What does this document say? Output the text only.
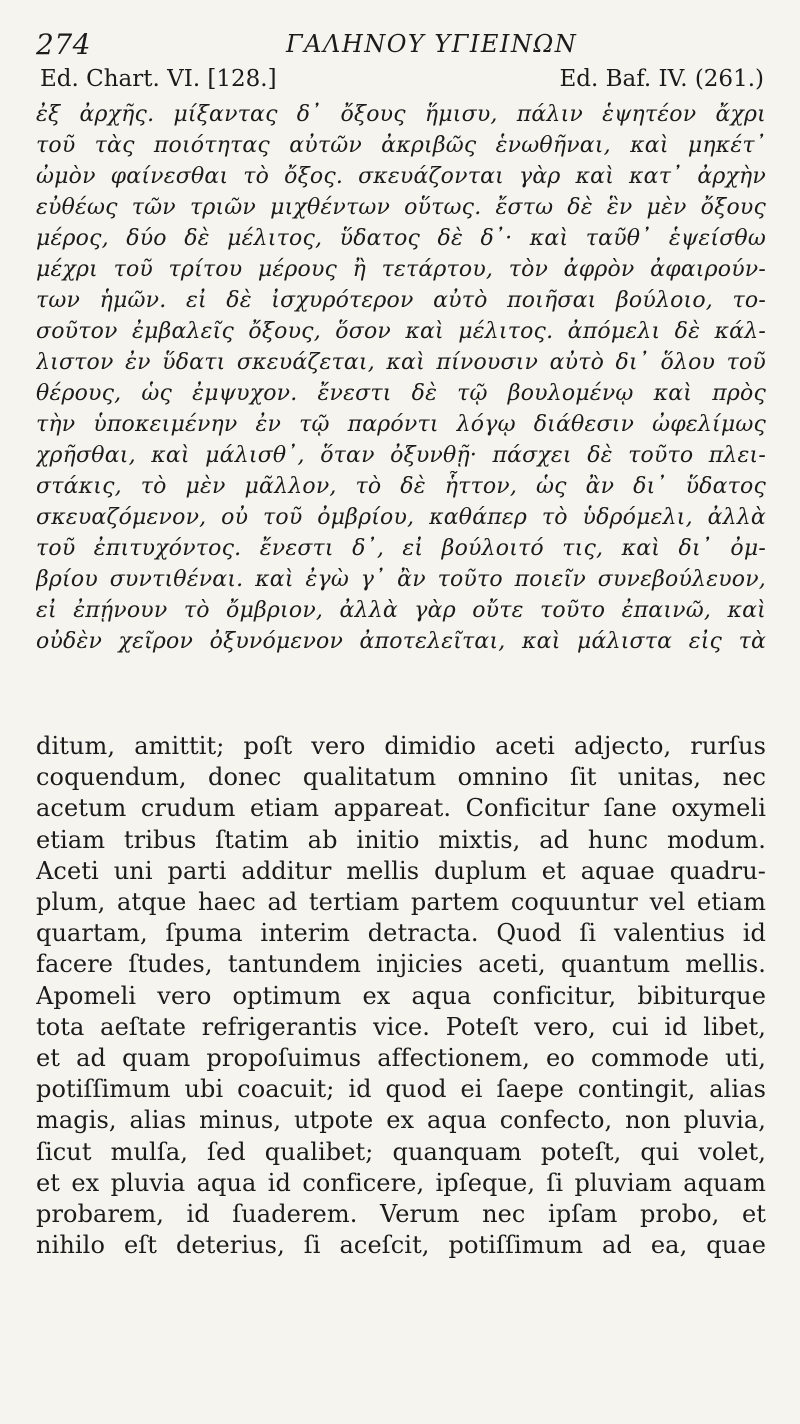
274	ΓΑΛΗΝΟΥ ΥΓΙΕΙΝΩΝ
Ed. Chart. VI. [128.]	Ed. Baf. IV. (261.)
ἐξ ἀρχῆς. μίξαντας δ᾽ ὄξους ἥμισυ, πάλιν ἑψητέον ἄχρι
τοῦ τὰς ποιότητας αὐτῶν ἀκριβῶς ἑνωθῆναι, καὶ μηκέτ᾽
ὠμὸν φαίνεσθαι τὸ ὄξος. σκευάζονται γὰρ καὶ κατ᾽ ἀρχὴν
εὐθέως τῶν τριῶν μιχθέντων οὕτως. ἔστω δὲ ἓν μὲν ὄξους
μέρος, δύο δὲ μέλιτος, ὕδατος δὲ δ᾽· καὶ ταῦθ᾽ ἑψείσθω
μέχρι τοῦ τρίτου μέρους ἢ τετάρτου, τὸν ἀφρὸν ἀφαιρούν-
των ἡμῶν. εἰ δὲ ἰσχυρότερον αὐτὸ ποιῆσαι βούλοιο, το-
σοῦτον ἐμβαλεῖς ὄξους, ὅσον καὶ μέλιτος. ἀπόμελι δὲ κάλ-
λιστον ἐν ὕδατι σκευάζεται, καὶ πίνουσιν αὐτὸ δι᾽ ὅλου τοῦ
θέρους, ὡς ἐμψυχον. ἔνεστι δὲ τῷ βουλομένῳ καὶ πρὸς
τὴν ὑποκειμένην ἐν τῷ παρόντι λόγῳ διάθεσιν ὠφελίμως
χρῆσθαι, καὶ μάλισθ᾽, ὅταν ὀξυνθῇ· πάσχει δὲ τοῦτο πλει-
στάκις, τὸ μὲν μᾶλλον, τὸ δὲ ἧττον, ὡς ἂν δι᾽ ὕδατος
σκευαζόμενον, οὐ τοῦ ὀμβρίου, καθάπερ τὸ ὑδρόμελι, ἀλλὰ
τοῦ ἐπιτυχόντος. ἔνεστι δ᾽, εἰ βούλοιτό τις, καὶ δι᾽ ὀμ-
βρίου συντιθέναι. καὶ ἐγὼ γ᾽ ἂν τοῦτο ποιεῖν συνεβούλευον,
εἰ ἐπῄνουν τὸ ὄμβριον, ἀλλὰ γὰρ οὔτε τοῦτο ἐπαινῶ, καὶ
οὐδὲν χεῖρον ὀξυνόμενον ἀποτελεῖται, καὶ μάλιστα εἰς τὰ
ditum, amittit; poſt vero dimidio aceti adjecto, rurſus
coquendum, donec qualitatum omnino ſit unitas, nec
acetum crudum etiam appareat. Conficitur ſane oxymeli
etiam tribus ſtatim ab initio mixtis, ad hunc modum.
Aceti uni parti additur mellis duplum et aquae quadru-
plum, atque haec ad tertiam partem coquuntur vel etiam
quartam, ſpuma interim detracta. Quod ſi valentius id
facere ſtudes, tantundem injicies aceti, quantum mellis.
Apomeli vero optimum ex aqua conficitur, bibiturque
tota aeſtate refrigerantis vice. Poteſt vero, cui id libet,
et ad quam propoſuimus affectionem, eo commode uti,
potiſſimum ubi coacuit; id quod ei ſaepe contingit, alias
magis, alias minus, utpote ex aqua confecto, non pluvia,
ſicut mulſa, ſed qualibet; quanquam poteſt, qui volet,
et ex pluvia aqua id conficere, ipſeque, ſi pluviam aquam
probarem, id ſuaderem. Verum nec ipſam probo, et
nihilo eſt deterius, ſi aceſcit, potiſſimum ad ea, quae
